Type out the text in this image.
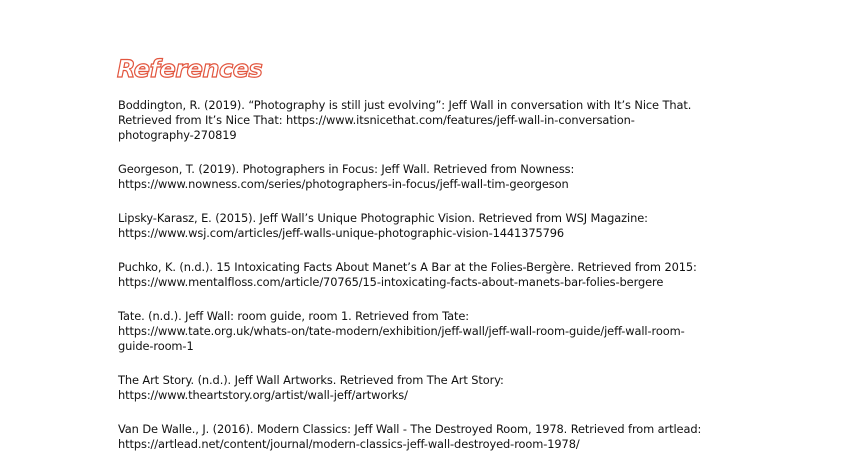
References
Boddington, R. (2019). “Photography is still just evolving”: Jeff Wall in conversation with It’s Nice That.
Retrieved from It’s Nice That: https://www.itsnicethat.com/features/jeff-wall-in-conversation-
photography-270819
Georgeson, T. (2019). Photographers in Focus: Jeff Wall. Retrieved from Nowness:
https://www.nowness.com/series/photographers-in-focus/jeff-wall-tim-georgeson
Lipsky-Karasz, E. (2015). Jeff Wall’s Unique Photographic Vision. Retrieved from WSJ Magazine:
https://www.wsj.com/articles/jeff-walls-unique-photographic-vision-1441375796
Puchko, K. (n.d.). 15 Intoxicating Facts About Manet’s A Bar at the Folies-Bergère. Retrieved from 2015:
https://www.mentalfloss.com/article/70765/15-intoxicating-facts-about-manets-bar-folies-bergere
Tate. (n.d.). Jeff Wall: room guide, room 1. Retrieved from Tate:
https://www.tate.org.uk/whats-on/tate-modern/exhibition/jeff-wall/jeff-wall-room-guide/jeff-wall-room-
guide-room-1
The Art Story. (n.d.). Jeff Wall Artworks. Retrieved from The Art Story:
https://www.theartstory.org/artist/wall-jeff/artworks/
Van De Walle., J. (2016). Modern Classics: Jeff Wall - The Destroyed Room, 1978. Retrieved from artlead:
https://artlead.net/content/journal/modern-classics-jeff-wall-destroyed-room-1978/
